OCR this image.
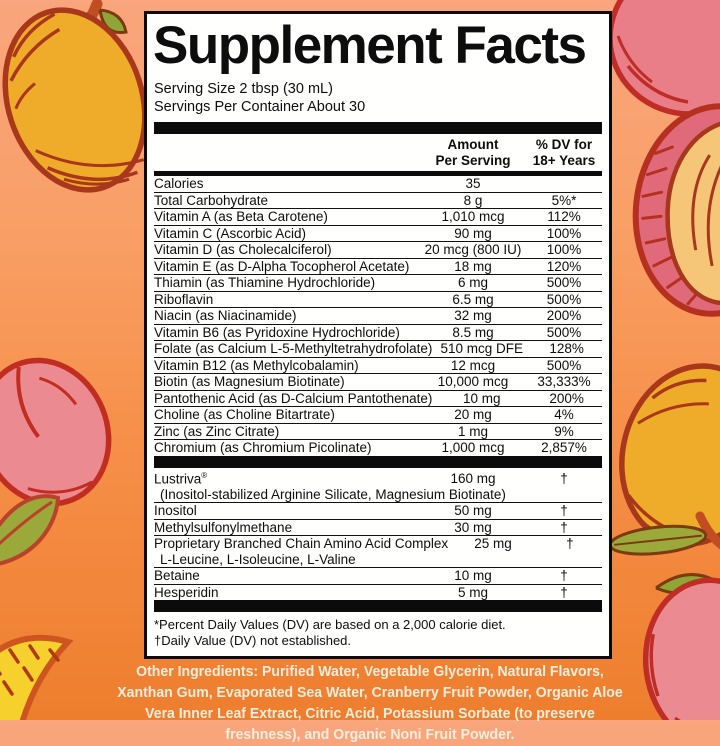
Supplement Facts

Serving Size 2 tbsp (30 mL)

Servings Per Container About 30

Amount
Per Serving
% DV for
18+ Years
Calories	35
Total Carbohydrate	8 g	5%*
Vitamin A (as Beta Carotene)	1,010 mcg	112%
Vitamin C (Ascorbic Acid)	90 mg	100%
Vitamin D (as Cholecalciferol)	20 mcg (800 IU)	100%
Vitamin E (as D-Alpha Tocopherol Acetate)	18 mg	120%
Thiamin (as Thiamine Hydrochloride)	6 mg	500%
Riboflavin	6.5 mg	500%
Niacin (as Niacinamide)	32 mg	200%
Vitamin B6 (as Pyridoxine Hydrochloride)	8.5 mg	500%
Folate (as Calcium L-5-Methyltetrahydrofolate) 510 mcg DFE	128%
Vitamin B12 (as Methylcobalamin)	12 mcg	500%
Biotin (as Magnesium Biotinate)	10,000 mcg	33,333%
Pantothenic Acid (as D-Calcium Pantothenate)	10 mg	200%
Choline (as Choline Bitartrate)	20 mg	4%
Zinc (as Zinc Citrate)	1 mg	9%
Chromium (as Chromium Picolinate)	1,000 mcg	2,857%
Lustriva®	160 mg	†
(Inositol-stabilized Arginine Silicate, Magnesium Biotinate)
Inositol	50 mg	†
Methylsulfonylmethane	30 mg	†
Proprietary Branched Chain Amino Acid Complex	25 mg	†
L-Leucine, L-Isoleucine, L-Valine
Betaine	10 mg	†
Hesperidin	5 mg	†

*Percent Daily Values (DV) are based on a 2,000 calorie diet.

†Daily Value (DV) not established.

Other Ingredients: Purified Water, Vegetable Glycerin, Natural Flavors, Xanthan Gum, Evaporated Sea Water, Cranberry Fruit Powder, Organic Aloe Vera Inner Leaf Extract, Citric Acid, Potassium Sorbate (to preserve freshness), and Organic Noni Fruit Powder.
